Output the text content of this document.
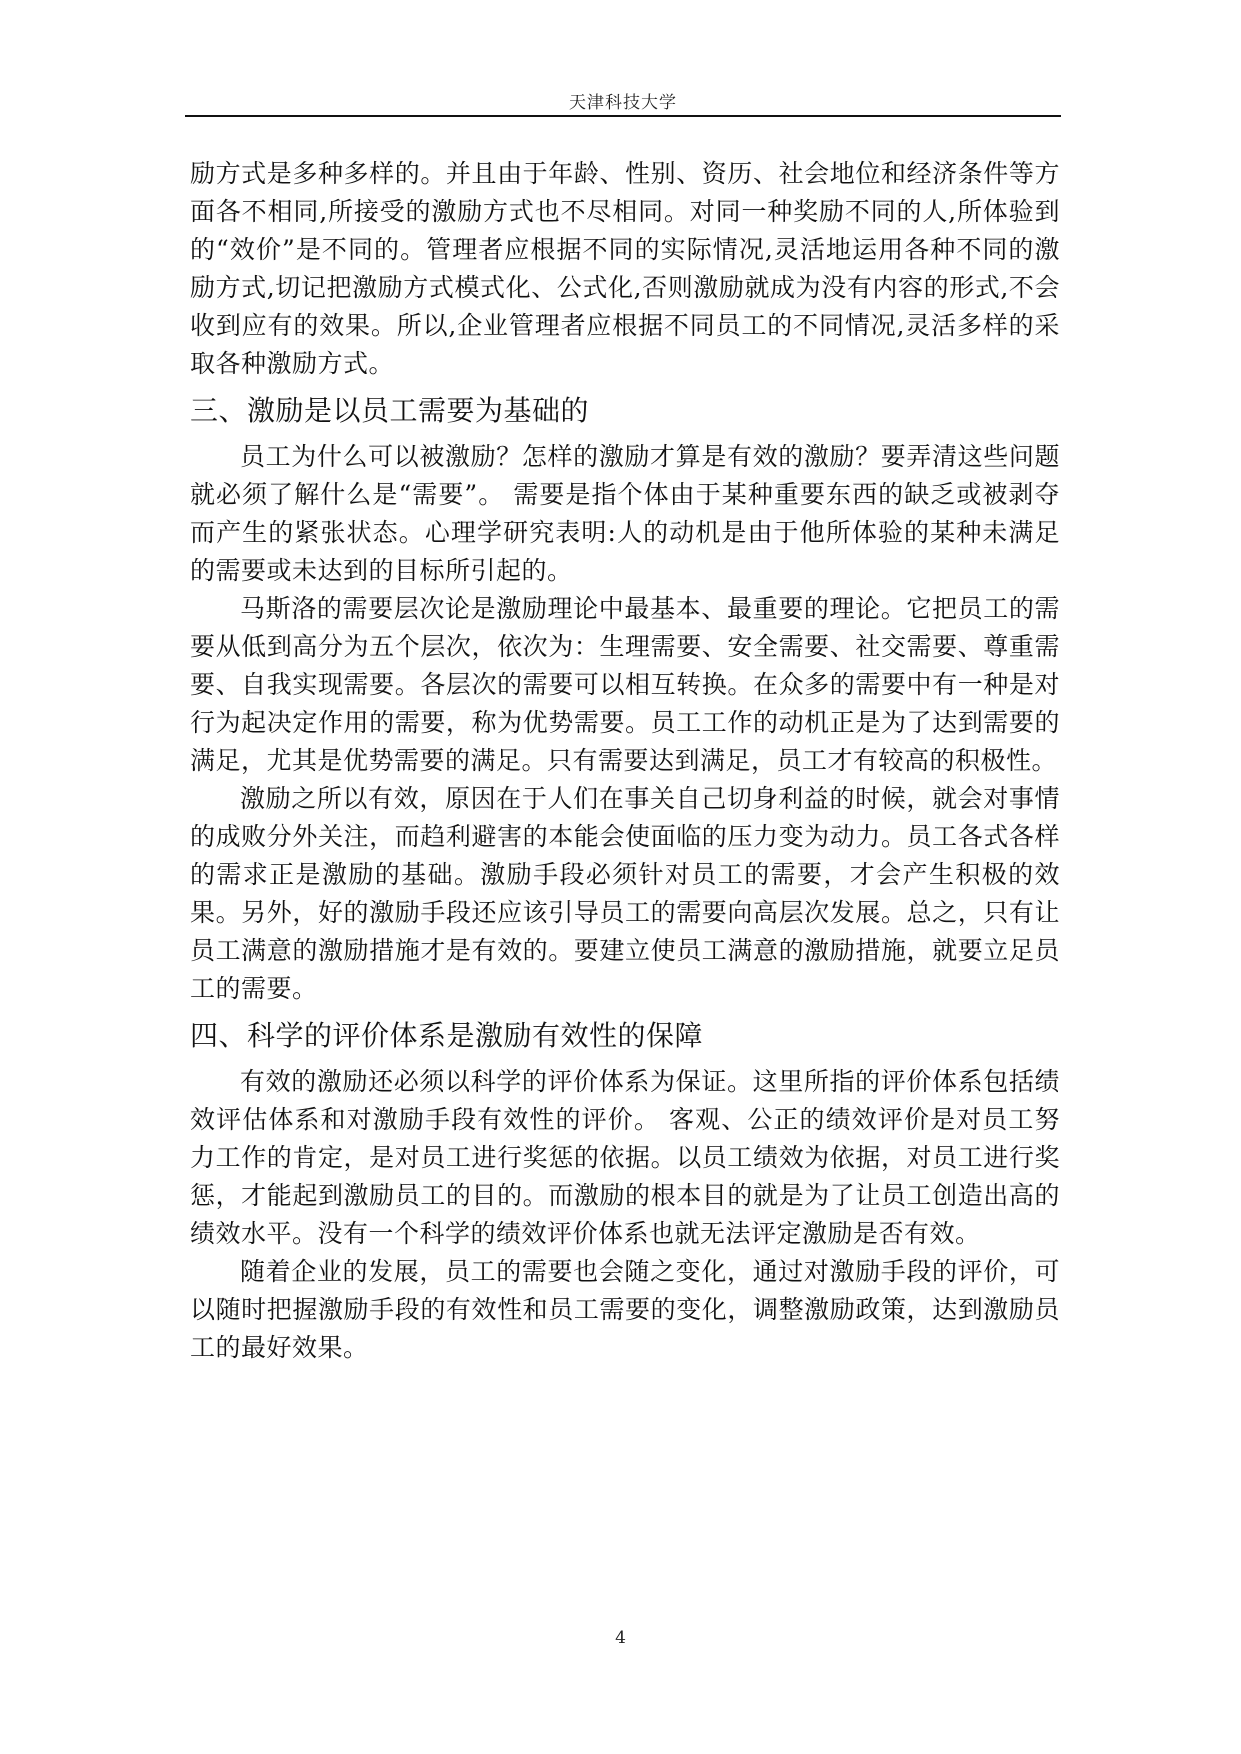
天津科技大学

励方式是多种多样的。并且由于年龄、性别、资历、社会地位和经济条件等方面各不相同,所接受的激励方式也不尽相同。对同一种奖励不同的人,所体验到的“效价”是不同的。管理者应根据不同的实际情况,灵活地运用各种不同的激励方式,切记把激励方式模式化、公式化,否则激励就成为没有内容的形式,不会收到应有的效果。所以,企业管理者应根据不同员工的不同情况,灵活多样的采取各种激励方式。

三、激励是以员工需要为基础的

员工为什么可以被激励？怎样的激励才算是有效的激励？要弄清这些问题就必须了解什么是“需要”。 需要是指个体由于某种重要东西的缺乏或被剥夺而产生的紧张状态。心理学研究表明:人的动机是由于他所体验的某种未满足的需要或未达到的目标所引起的。

马斯洛的需要层次论是激励理论中最基本、最重要的理论。它把员工的需要从低到高分为五个层次，依次为：生理需要、安全需要、社交需要、尊重需要、自我实现需要。各层次的需要可以相互转换。在众多的需要中有一种是对行为起决定作用的需要，称为优势需要。员工工作的动机正是为了达到需要的满足，尤其是优势需要的满足。只有需要达到满足，员工才有较高的积极性。

激励之所以有效，原因在于人们在事关自己切身利益的时候，就会对事情的成败分外关注，而趋利避害的本能会使面临的压力变为动力。员工各式各样的需求正是激励的基础。激励手段必须针对员工的需要，才会产生积极的效果。另外，好的激励手段还应该引导员工的需要向高层次发展。总之，只有让员工满意的激励措施才是有效的。要建立使员工满意的激励措施，就要立足员工的需要。

四、科学的评价体系是激励有效性的保障

有效的激励还必须以科学的评价体系为保证。这里所指的评价体系包括绩效评估体系和对激励手段有效性的评价。 客观、公正的绩效评价是对员工努力工作的肯定，是对员工进行奖惩的依据。以员工绩效为依据，对员工进行奖惩，才能起到激励员工的目的。而激励的根本目的就是为了让员工创造出高的绩效水平。没有一个科学的绩效评价体系也就无法评定激励是否有效。

随着企业的发展，员工的需要也会随之变化，通过对激励手段的评价，可以随时把握激励手段的有效性和员工需要的变化，调整激励政策，达到激励员工的最好效果。

4
